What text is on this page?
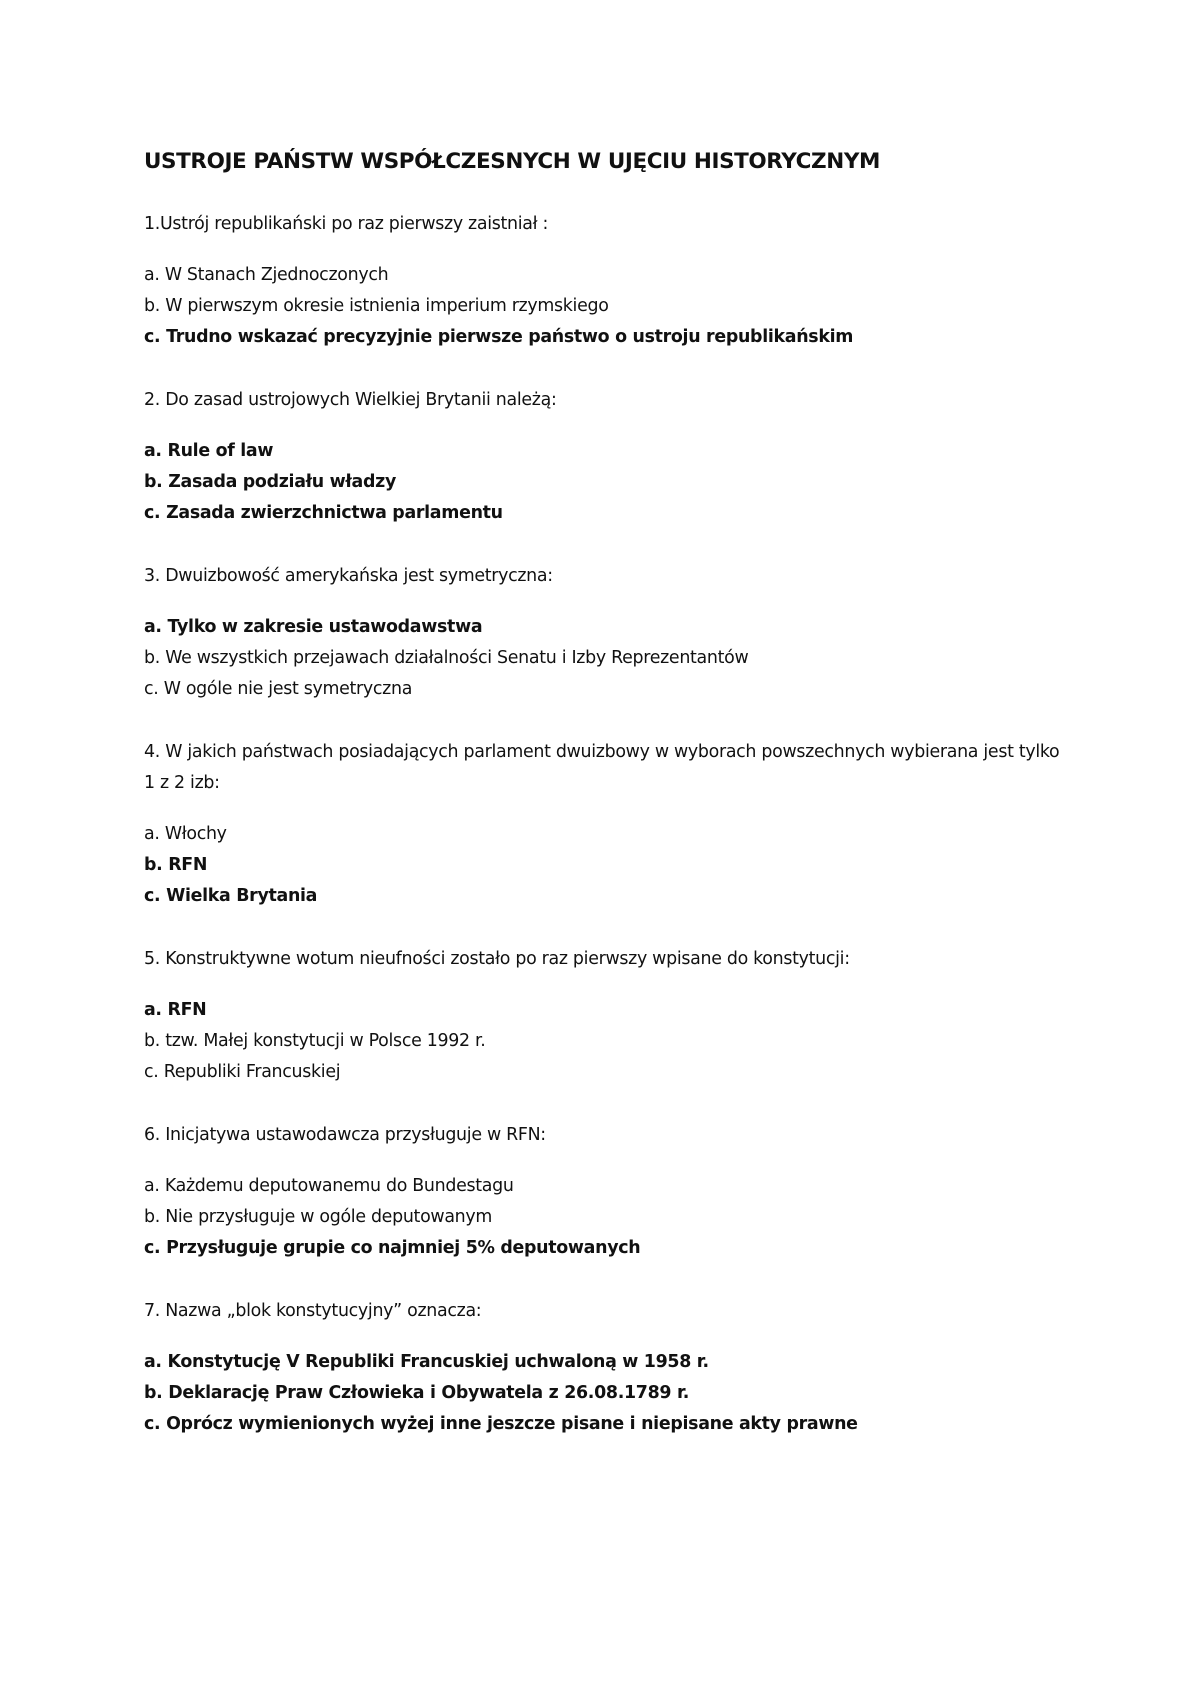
USTROJE PAŃSTW WSPÓŁCZESNYCH W UJĘCIU HISTORYCZNYM

1.Ustrój republikański po raz pierwszy zaistniał :

a. W Stanach Zjednoczonych
b. W pierwszym okresie istnienia imperium rzymskiego
c. Trudno wskazać precyzyjnie pierwsze państwo o ustroju republikańskim

2. Do zasad ustrojowych Wielkiej Brytanii należą:

a. Rule of law
b. Zasada podziału władzy
c. Zasada zwierzchnictwa parlamentu

3. Dwuizbowość amerykańska jest symetryczna:

a. Tylko w zakresie ustawodawstwa
b. We wszystkich przejawach działalności Senatu i Izby Reprezentantów
c. W ogóle nie jest symetryczna

4. W jakich państwach posiadających parlament dwuizbowy w wyborach powszechnych wybierana jest tylko 1 z 2 izb:

a. Włochy
b. RFN
c. Wielka Brytania

5. Konstruktywne wotum nieufności zostało po raz pierwszy wpisane do konstytucji:

a. RFN
b. tzw. Małej konstytucji w Polsce 1992 r.
c. Republiki Francuskiej

6. Inicjatywa ustawodawcza przysługuje w RFN:

a. Każdemu deputowanemu do Bundestagu
b. Nie przysługuje w ogóle deputowanym
c. Przysługuje grupie co najmniej 5% deputowanych

7. Nazwa „blok konstytucyjny” oznacza:

a. Konstytucję V Republiki Francuskiej uchwaloną w 1958 r.
b. Deklarację Praw Człowieka i Obywatela z 26.08.1789 r.
c. Oprócz wymienionych wyżej inne jeszcze pisane i niepisane akty prawne
